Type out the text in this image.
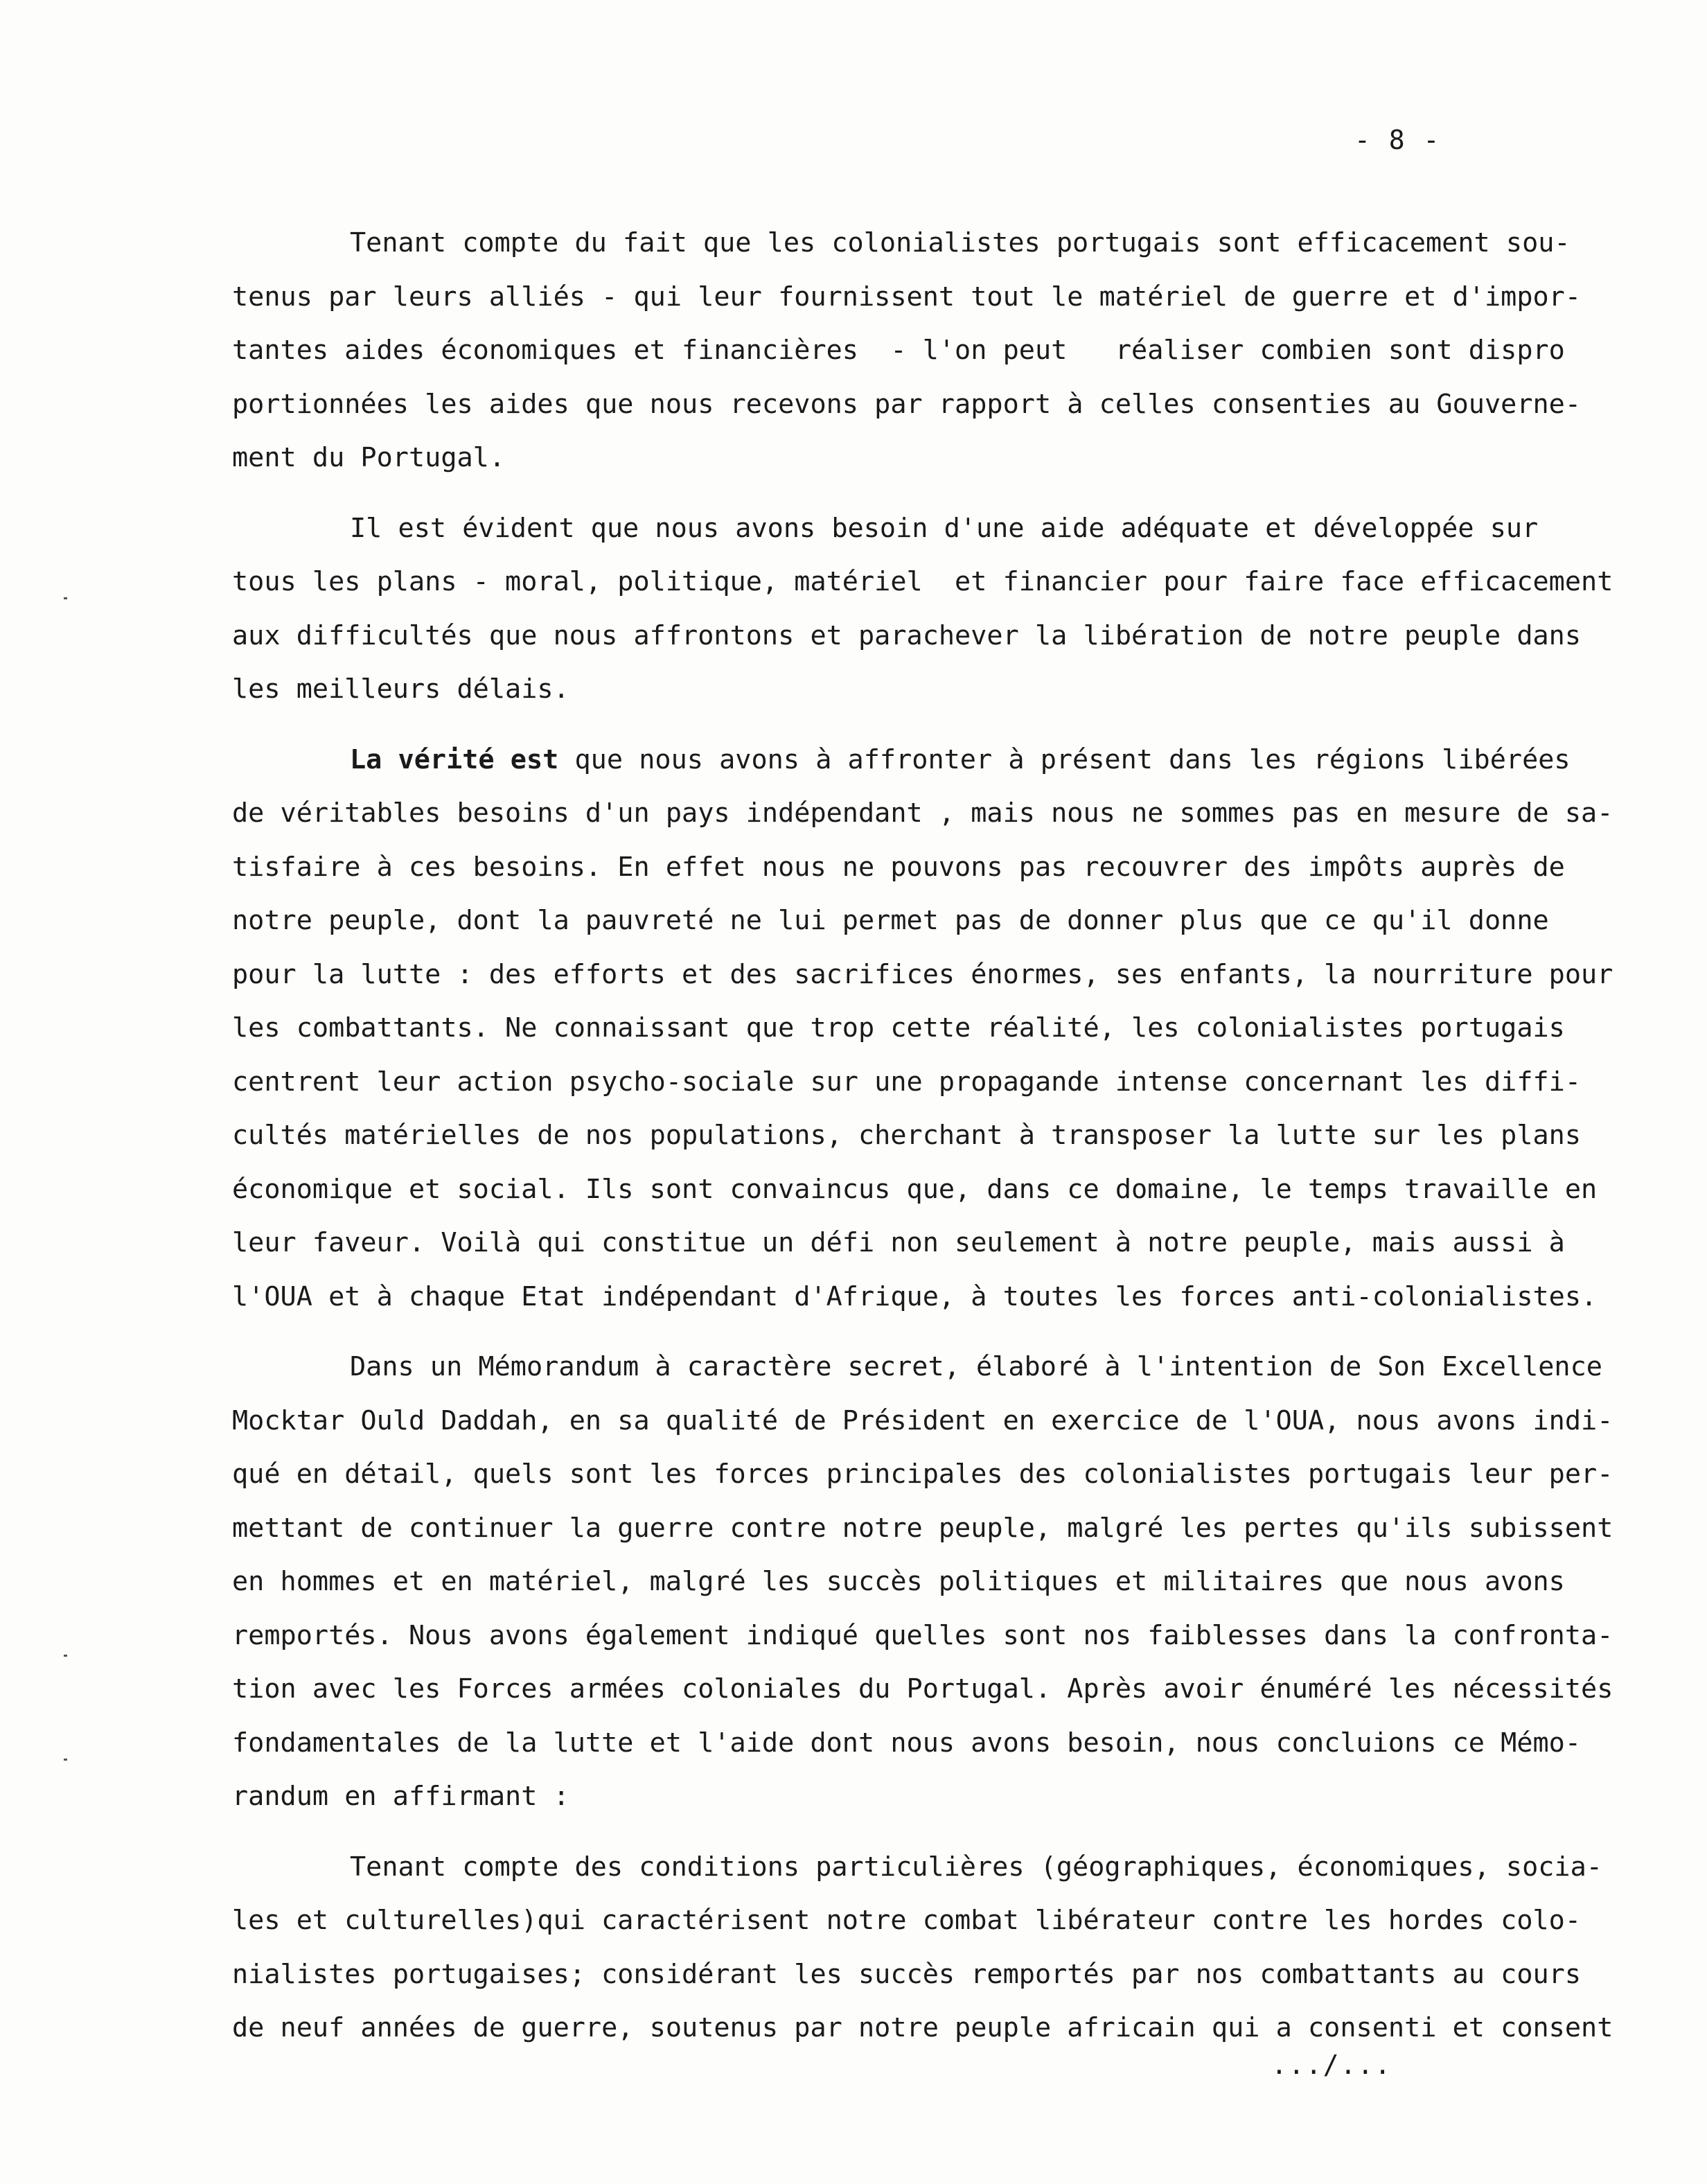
- 8 -

Tenant compte du fait que les colonialistes portugais sont efficacement sou-
tenus par leurs alliés - qui leur fournissent tout le matériel de guerre et d'impor-
tantes aides économiques et financières  - l'on peut   réaliser combien sont dispro
portionnées les aides que nous recevons par rapport à celles consenties au Gouverne-
ment du Portugal.
Il est évident que nous avons besoin d'une aide adéquate et développée sur
tous les plans - moral, politique, matériel  et financier pour faire face efficacement
aux difficultés que nous affrontons et parachever la libération de notre peuple dans
les meilleurs délais.
La vérité est que nous avons à affronter à présent dans les régions libérées
de véritables besoins d'un pays indépendant , mais nous ne sommes pas en mesure de sa-
tisfaire à ces besoins. En effet nous ne pouvons pas recouvrer des impôts auprès de
notre peuple, dont la pauvreté ne lui permet pas de donner plus que ce qu'il donne
pour la lutte : des efforts et des sacrifices énormes, ses enfants, la nourriture pour
les combattants. Ne connaissant que trop cette réalité, les colonialistes portugais
centrent leur action psycho-sociale sur une propagande intense concernant les diffi-
cultés matérielles de nos populations, cherchant à transposer la lutte sur les plans
économique et social. Ils sont convaincus que, dans ce domaine, le temps travaille en
leur faveur. Voilà qui constitue un défi non seulement à notre peuple, mais aussi à
l'OUA et à chaque Etat indépendant d'Afrique, à toutes les forces anti-colonialistes.
Dans un Mémorandum à caractère secret, élaboré à l'intention de Son Excellence
Mocktar Ould Daddah, en sa qualité de Président en exercice de l'OUA, nous avons indi-
qué en détail, quels sont les forces principales des colonialistes portugais leur per-
mettant de continuer la guerre contre notre peuple, malgré les pertes qu'ils subissent
en hommes et en matériel, malgré les succès politiques et militaires que nous avons
remportés. Nous avons également indiqué quelles sont nos faiblesses dans la confronta-
tion avec les Forces armées coloniales du Portugal. Après avoir énuméré les nécessités
fondamentales de la lutte et l'aide dont nous avons besoin, nous concluions ce Mémo-
randum en affirmant :
Tenant compte des conditions particulières (géographiques, économiques, socia-
les et culturelles)qui caractérisent notre combat libérateur contre les hordes colo-
nialistes portugaises; considérant les succès remportés par nos combattants au cours
de neuf années de guerre, soutenus par notre peuple africain qui a consenti et consent

.../...
